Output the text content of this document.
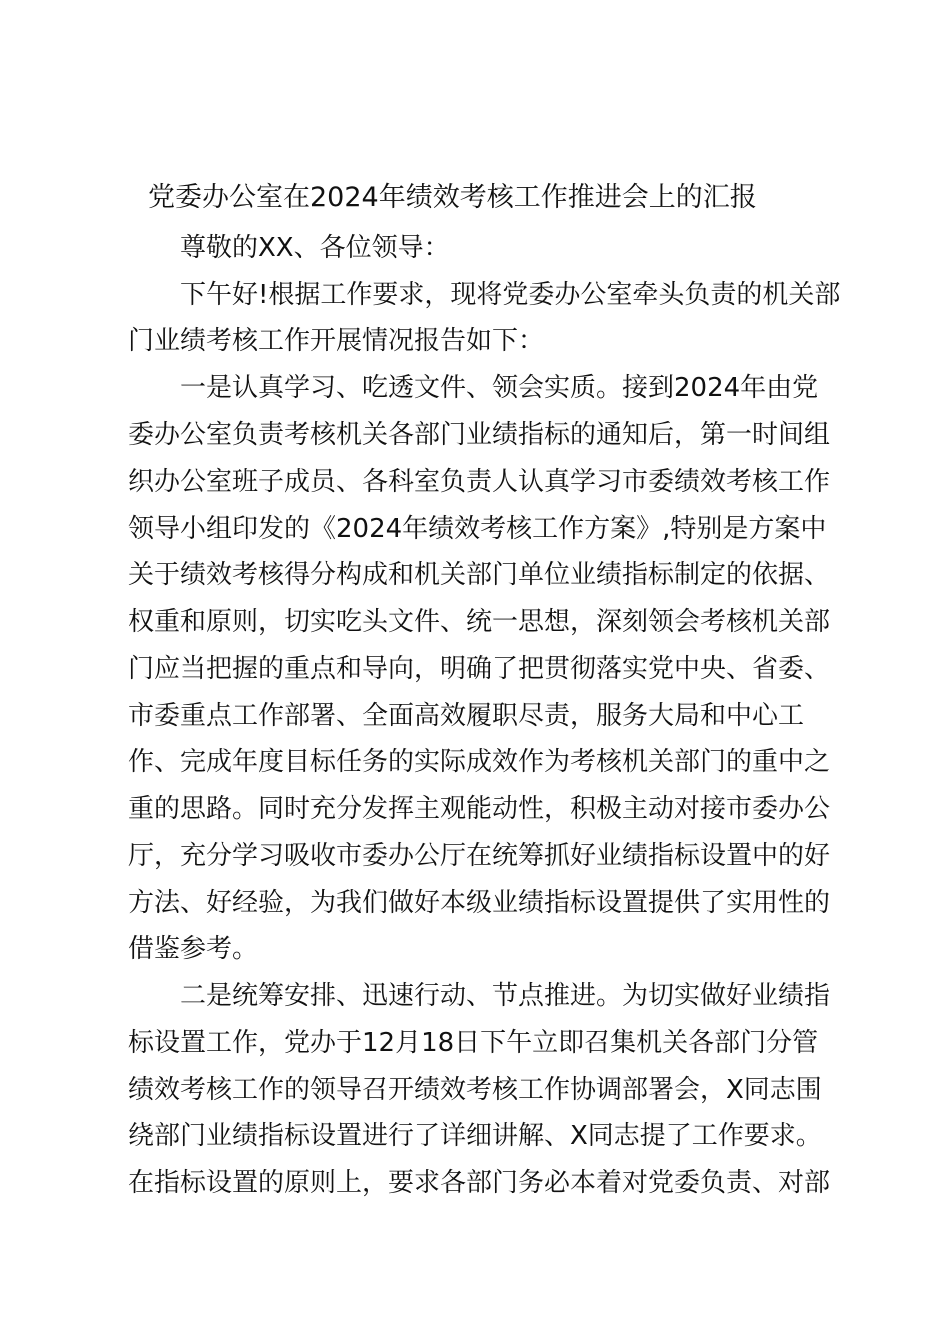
党委办公室在2024年绩效考核工作推进会上的汇报
尊敬的XX、各位领导：
下午好!根据工作要求，现将党委办公室牵头负责的机关部
门业绩考核工作开展情况报告如下：
一是认真学习、吃透文件、领会实质。接到2024年由党
委办公室负责考核机关各部门业绩指标的通知后，第一时间组
织办公室班子成员、各科室负责人认真学习市委绩效考核工作
领导小组印发的《2024年绩效考核工作方案》,特别是方案中
关于绩效考核得分构成和机关部门单位业绩指标制定的依据、
权重和原则，切实吃头文件、统一思想，深刻领会考核机关部
门应当把握的重点和导向，明确了把贯彻落实党中央、省委、
市委重点工作部署、全面高效履职尽责，服务大局和中心工
作、完成年度目标任务的实际成效作为考核机关部门的重中之
重的思路。同时充分发挥主观能动性，积极主动对接市委办公
厅，充分学习吸收市委办公厅在统筹抓好业绩指标设置中的好
方法、好经验，为我们做好本级业绩指标设置提供了实用性的
借鉴参考。
二是统筹安排、迅速行动、节点推进。为切实做好业绩指
标设置工作，党办于12月18日下午立即召集机关各部门分管
绩效考核工作的领导召开绩效考核工作协调部署会，X同志围
绕部门业绩指标设置进行了详细讲解、X同志提了工作要求。
在指标设置的原则上，要求各部门务必本着对党委负责、对部
